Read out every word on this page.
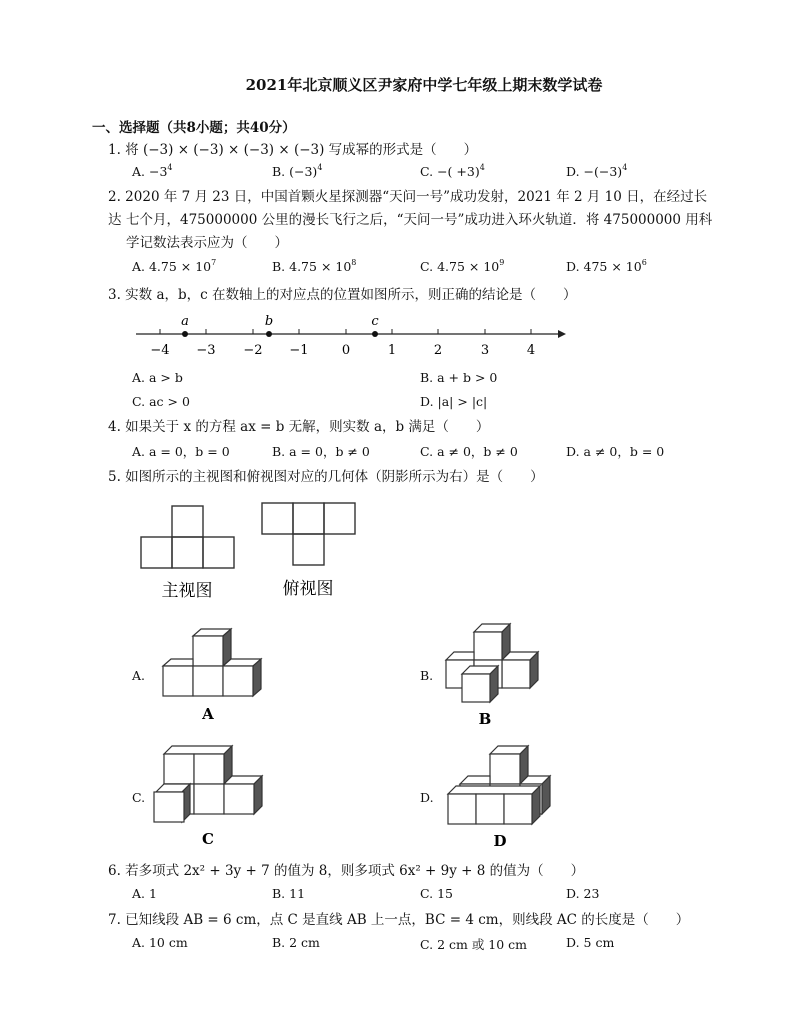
2021年北京顺义区尹家府中学七年级上期末数学试卷
一、选择题（共8小题；共40分）
1. 将 (−3) × (−3) × (−3) × (−3) 写成幂的形式是（　　）
A. $-3^4$	B. $(-3)^4$	C. −( +3)$^4$	D. $-(-3)^4$
2. 2020 年 7 月 23 日，中国首颗火星探测器“天问一号”成功发射，2021 年 2 月 10 日，在经过长达 七个月，475000000 公里的漫长飞行之后，“天问一号”成功进入环火轨道．将 475000000 用科
学记数法表示应为（　　）
A. $4.75 \times 10^7$	B. $4.75 \times 10^8$	C. $4.75 \times 10^9$	D. $475 \times 10^6$
3. 实数 a，b，c 在数轴上的对应点的位置如图所示，则正确的结论是（　　）
−4 −3 −2 −1	0	1	2	3	4
a	b	c
A. a > b	B. a + b > 0
C. ac > 0	D. |a| > |c|
4. 如果关于 x 的方程 ax = b 无解，则实数 a，b 满足（　　）
A. a = 0，b = 0	B. a = 0，b ≠ 0	C. a ≠ 0，b ≠ 0	D. a ≠ 0，b = 0
5. 如图所示的主视图和俯视图对应的几何体（阴影所示为右）是（　　）
主视图	俯视图
A.
A
B.
B
C.
C
D.
D
6. 若多项式 2x² + 3y + 7 的值为 8，则多项式 6x² + 9y + 8 的值为（　　）
A. 1	B. 11	C. 15	D. 23
7. 已知线段 AB = 6 cm，点 C 是直线 AB 上一点，BC = 4 cm，则线段 AC 的长度是（　　）
A. 10 cm	B. 2 cm	C. 2 cm 或 10 cm	D. 5 cm
